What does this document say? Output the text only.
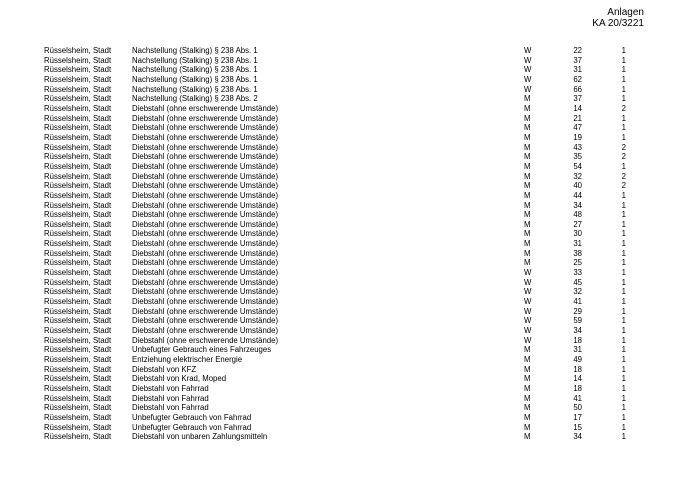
Anlagen
KA 20/3221
Rüsselsheim, Stadt	Nachstellung (Stalking) § 238 Abs. 1	W	22	1
Rüsselsheim, Stadt	Nachstellung (Stalking) § 238 Abs. 1	W	37	1
Rüsselsheim, Stadt	Nachstellung (Stalking) § 238 Abs. 1	W	31	1
Rüsselsheim, Stadt	Nachstellung (Stalking) § 238 Abs. 1	W	62	1
Rüsselsheim, Stadt	Nachstellung (Stalking) § 238 Abs. 1	W	66	1
Rüsselsheim, Stadt	Nachstellung (Stalking) § 238 Abs. 2	M	37	1
Rüsselsheim, Stadt	Diebstahl (ohne erschwerende Umstände)	M	14	2
Rüsselsheim, Stadt	Diebstahl (ohne erschwerende Umstände)	M	21	1
Rüsselsheim, Stadt	Diebstahl (ohne erschwerende Umstände)	M	47	1
Rüsselsheim, Stadt	Diebstahl (ohne erschwerende Umstände)	M	19	1
Rüsselsheim, Stadt	Diebstahl (ohne erschwerende Umstände)	M	43	2
Rüsselsheim, Stadt	Diebstahl (ohne erschwerende Umstände)	M	35	2
Rüsselsheim, Stadt	Diebstahl (ohne erschwerende Umstände)	M	54	1
Rüsselsheim, Stadt	Diebstahl (ohne erschwerende Umstände)	M	32	2
Rüsselsheim, Stadt	Diebstahl (ohne erschwerende Umstände)	M	40	2
Rüsselsheim, Stadt	Diebstahl (ohne erschwerende Umstände)	M	44	1
Rüsselsheim, Stadt	Diebstahl (ohne erschwerende Umstände)	M	34	1
Rüsselsheim, Stadt	Diebstahl (ohne erschwerende Umstände)	M	48	1
Rüsselsheim, Stadt	Diebstahl (ohne erschwerende Umstände)	M	27	1
Rüsselsheim, Stadt	Diebstahl (ohne erschwerende Umstände)	M	30	1
Rüsselsheim, Stadt	Diebstahl (ohne erschwerende Umstände)	M	31	1
Rüsselsheim, Stadt	Diebstahl (ohne erschwerende Umstände)	M	38	1
Rüsselsheim, Stadt	Diebstahl (ohne erschwerende Umstände)	M	25	1
Rüsselsheim, Stadt	Diebstahl (ohne erschwerende Umstände)	W	33	1
Rüsselsheim, Stadt	Diebstahl (ohne erschwerende Umstände)	W	45	1
Rüsselsheim, Stadt	Diebstahl (ohne erschwerende Umstände)	W	32	1
Rüsselsheim, Stadt	Diebstahl (ohne erschwerende Umstände)	W	41	1
Rüsselsheim, Stadt	Diebstahl (ohne erschwerende Umstände)	W	29	1
Rüsselsheim, Stadt	Diebstahl (ohne erschwerende Umstände)	W	59	1
Rüsselsheim, Stadt	Diebstahl (ohne erschwerende Umstände)	W	34	1
Rüsselsheim, Stadt	Diebstahl (ohne erschwerende Umstände)	W	18	1
Rüsselsheim, Stadt	Unbefugter Gebrauch eines Fahrzeuges	M	31	1
Rüsselsheim, Stadt	Entziehung elektrischer Energie	M	49	1
Rüsselsheim, Stadt	Diebstahl von KFZ	M	18	1
Rüsselsheim, Stadt	Diebstahl von Krad, Moped	M	14	1
Rüsselsheim, Stadt	Diebstahl von Fahrrad	M	18	1
Rüsselsheim, Stadt	Diebstahl von Fahrrad	M	41	1
Rüsselsheim, Stadt	Diebstahl von Fahrrad	M	50	1
Rüsselsheim, Stadt	Unbefugter Gebrauch von Fahrrad	M	17	1
Rüsselsheim, Stadt	Unbefugter Gebrauch von Fahrrad	M	15	1
Rüsselsheim, Stadt	Diebstahl von unbaren Zahlungsmitteln	M	34	1
